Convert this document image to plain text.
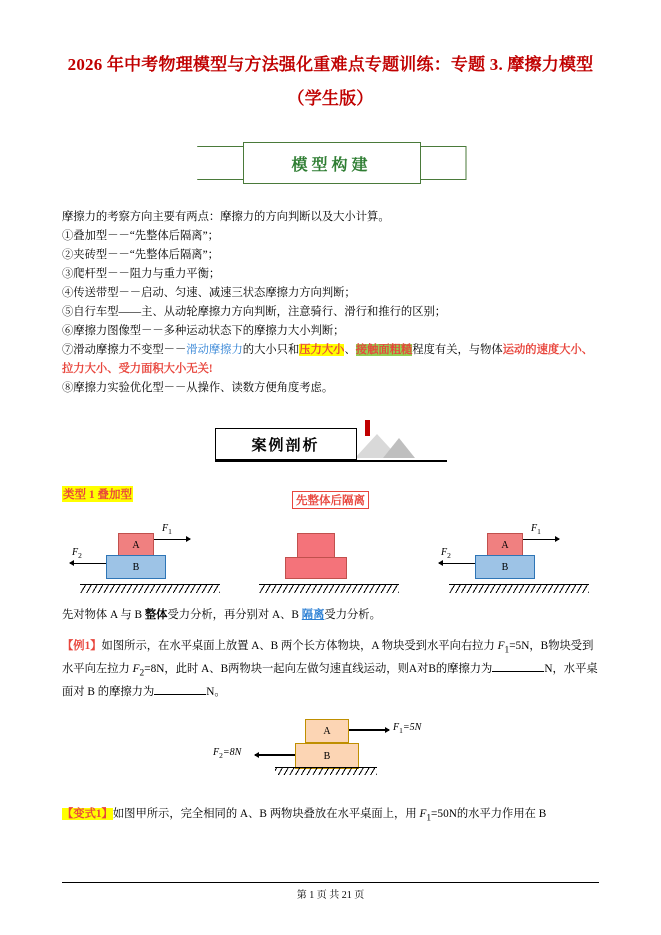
2026 年中考物理模型与方法强化重难点专题训练：专题 3. 摩擦力模型（学生版）
模型构建

摩擦力的考察方向主要有两点：摩擦力的方向判断以及大小计算。

①叠加型－－“先整体后隔离”；

②夹砖型－－“先整体后隔离”；

③爬杆型－－阻力与重力平衡；

④传送带型－－启动、匀速、减速三状态摩擦力方向判断；

⑤自行车型——主、从动轮摩擦力方向判断，注意骑行、滑行和推行的区别；

⑥摩擦力图像型－－多种运动状态下的摩擦力大小判断；

⑦滑动摩擦力不变型－－滑动摩擦力的大小只和压力大小、接触面粗糙程度有关，与物体运动的速度大小、拉力大小、受力面积大小无关!

⑧摩擦力实验优化型－－从操作、读数方便角度考虑。

案例剖析
类型 1 叠加型	先整体后隔离
A
B
$F_1$
$F_2$
A
B
$F_1$
$F_2$

先对物体 A 与 B 整体受力分析，再分别对 A、B 隔离受力分析。

【例1】如图所示，在水平桌面上放置 A、B 两个长方体物块，A 物块受到水平向右拉力 $F_1=5N$，B物块受到水平向左拉力 $F_2=8N$，此时 A、B两物块一起向左做匀速直线运动，则A对B的摩擦力为	N，水平桌面对 B 的摩擦力为	N。

A
B
$F_1=5N$
$F_2=8N$

【变式1】如图甲所示，完全相同的 A、B 两物块叠放在水平桌面上，用 $F_1=50N$的水平力作用在 B

第 1 页 共 21 页
